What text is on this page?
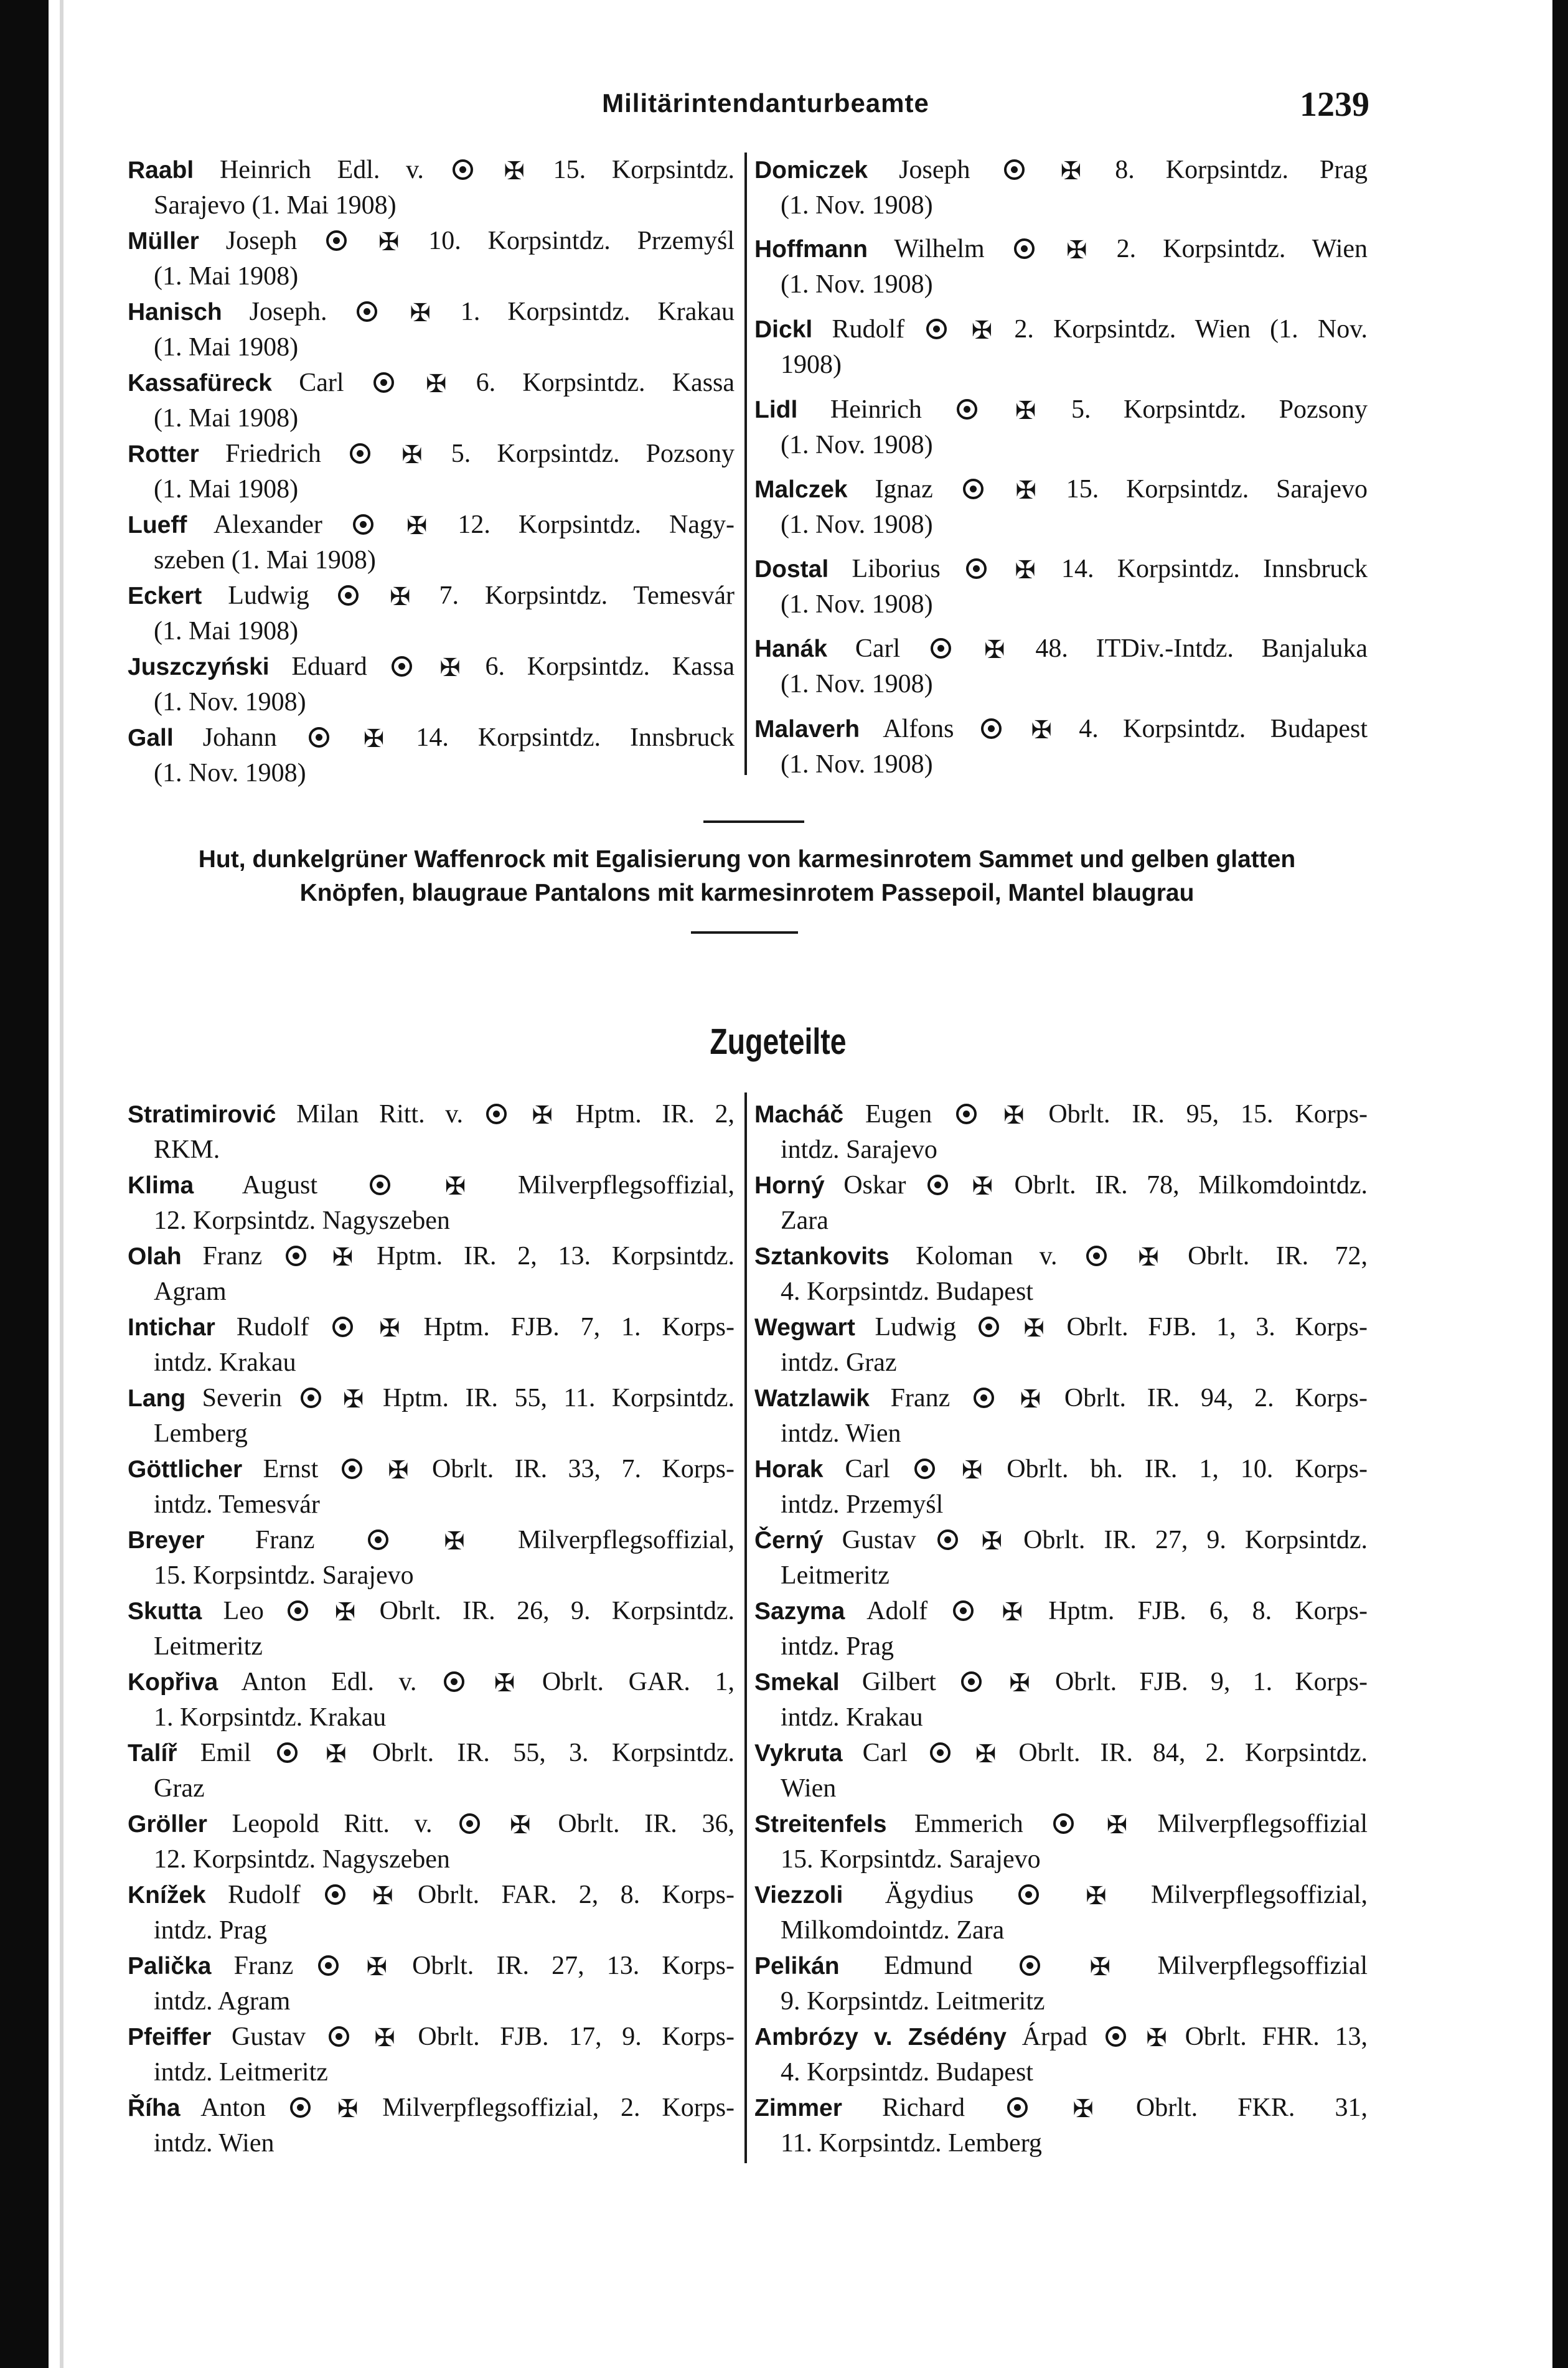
Militärintendanturbeamte	1239
Raabl Heinrich Edl. v.  ✠ 15. Korpsintdz.
Sarajevo (1. Mai 1908)
Müller Joseph  ✠ 10. Korpsintdz. Przemyśl
(1. Mai 1908)
Hanisch Joseph.  ✠ 1. Korpsintdz. Krakau
(1. Mai 1908)
Kassafüreck Carl  ✠ 6. Korpsintdz. Kassa
(1. Mai 1908)
Rotter Friedrich  ✠ 5. Korpsintdz. Pozsony
(1. Mai 1908)
Lueff Alexander  ✠ 12. Korpsintdz. Nagy-
szeben (1. Mai 1908)
Eckert Ludwig  ✠ 7. Korpsintdz. Temesvár
(1. Mai 1908)
Juszczyński Eduard  ✠ 6. Korpsintdz. Kassa
(1. Nov. 1908)
Gall Johann  ✠ 14. Korpsintdz. Innsbruck
(1. Nov. 1908)
Domiczek Joseph  ✠ 8. Korpsintdz. Prag
(1. Nov. 1908)
Hoffmann Wilhelm  ✠ 2. Korpsintdz. Wien
(1. Nov. 1908)
Dickl Rudolf  ✠ 2. Korpsintdz. Wien (1. Nov.
1908)
Lidl Heinrich  ✠ 5. Korpsintdz. Pozsony
(1. Nov. 1908)
Malczek Ignaz  ✠ 15. Korpsintdz. Sarajevo
(1. Nov. 1908)
Dostal Liborius  ✠ 14. Korpsintdz. Innsbruck
(1. Nov. 1908)
Hanák Carl  ✠ 48. ITDiv.-Intdz. Banjaluka
(1. Nov. 1908)
Malaverh Alfons  ✠ 4. Korpsintdz. Budapest
(1. Nov. 1908)
Hut, dunkelgrüner Waffenrock mit Egalisierung von karmesinrotem Sammet und gelben glatten
Knöpfen, blaugraue Pantalons mit karmesinrotem Passepoil, Mantel blaugrau
Zugeteilte
Stratimirović Milan Ritt. v.  ✠ Hptm. IR. 2,
RKM.
Klima August	✠ Milverpflegsoffizial,
12. Korpsintdz. Nagyszeben
Olah Franz  ✠ Hptm. IR. 2, 13. Korpsintdz.
Agram
Intichar Rudolf  ✠ Hptm. FJB. 7, 1. Korps-
intdz. Krakau
Lang Severin  ✠ Hptm. IR. 55, 11. Korpsintdz.
Lemberg
Göttlicher Ernst  ✠ Obrlt. IR. 33, 7. Korps-
intdz. Temesvár
Breyer Franz	✠ Milverpflegsoffizial,
15. Korpsintdz. Sarajevo
Skutta Leo  ✠ Obrlt. IR. 26, 9. Korpsintdz.
Leitmeritz
Kopřiva Anton Edl. v.  ✠ Obrlt. GAR. 1,
1. Korpsintdz. Krakau
Talíř Emil  ✠ Obrlt. IR. 55, 3. Korpsintdz.
Graz
Gröller Leopold Ritt. v.  ✠ Obrlt. IR. 36,
12. Korpsintdz. Nagyszeben
Knížek Rudolf  ✠ Obrlt. FAR. 2, 8. Korps-
intdz. Prag
Paličkа Franz  ✠ Obrlt. IR. 27, 13. Korps-
intdz. Agram
Pfeiffer Gustav  ✠ Obrlt. FJB. 17, 9. Korps-
intdz. Leitmeritz
Říha Anton  ✠ Milverpflegsoffizial, 2. Korps-
intdz. Wien
Macháč Eugen  ✠ Obrlt. IR. 95, 15. Korps-
intdz. Sarajevo
Horný Oskar  ✠ Obrlt. IR. 78, Milkomdointdz.
Zara
Sztankovits Koloman v.  ✠ Obrlt. IR. 72,
4. Korpsintdz. Budapest
Wegwart Ludwig  ✠ Obrlt. FJB. 1, 3. Korps-
intdz. Graz
Watzlawik Franz  ✠ Obrlt. IR. 94, 2. Korps-
intdz. Wien
Horak Carl  ✠ Obrlt. bh. IR. 1, 10. Korps-
intdz. Przemyśl
Černý Gustav  ✠ Obrlt. IR. 27, 9. Korpsintdz.
Leitmeritz
Sazyma Adolf  ✠ Hptm. FJB. 6, 8. Korps-
intdz. Prag
Smekal Gilbert  ✠ Obrlt. FJB. 9, 1. Korps-
intdz. Krakau
Vykruta Carl  ✠ Obrlt. IR. 84, 2. Korpsintdz.
Wien
Streitenfels Emmerich  ✠ Milverpflegsoffizial
15. Korpsintdz. Sarajevo
Viezzoli Ägydius	✠ Milverpflegsoffizial,
Milkomdointdz. Zara
Pelikán Edmund	✠ Milverpflegsoffizial
9. Korpsintdz. Leitmeritz
Ambrózy v. Zsédény Árpad  ✠ Obrlt. FHR. 13,
4. Korpsintdz. Budapest
Zimmer Richard	✠ Obrlt. FKR. 31,
11. Korpsintdz. Lemberg
